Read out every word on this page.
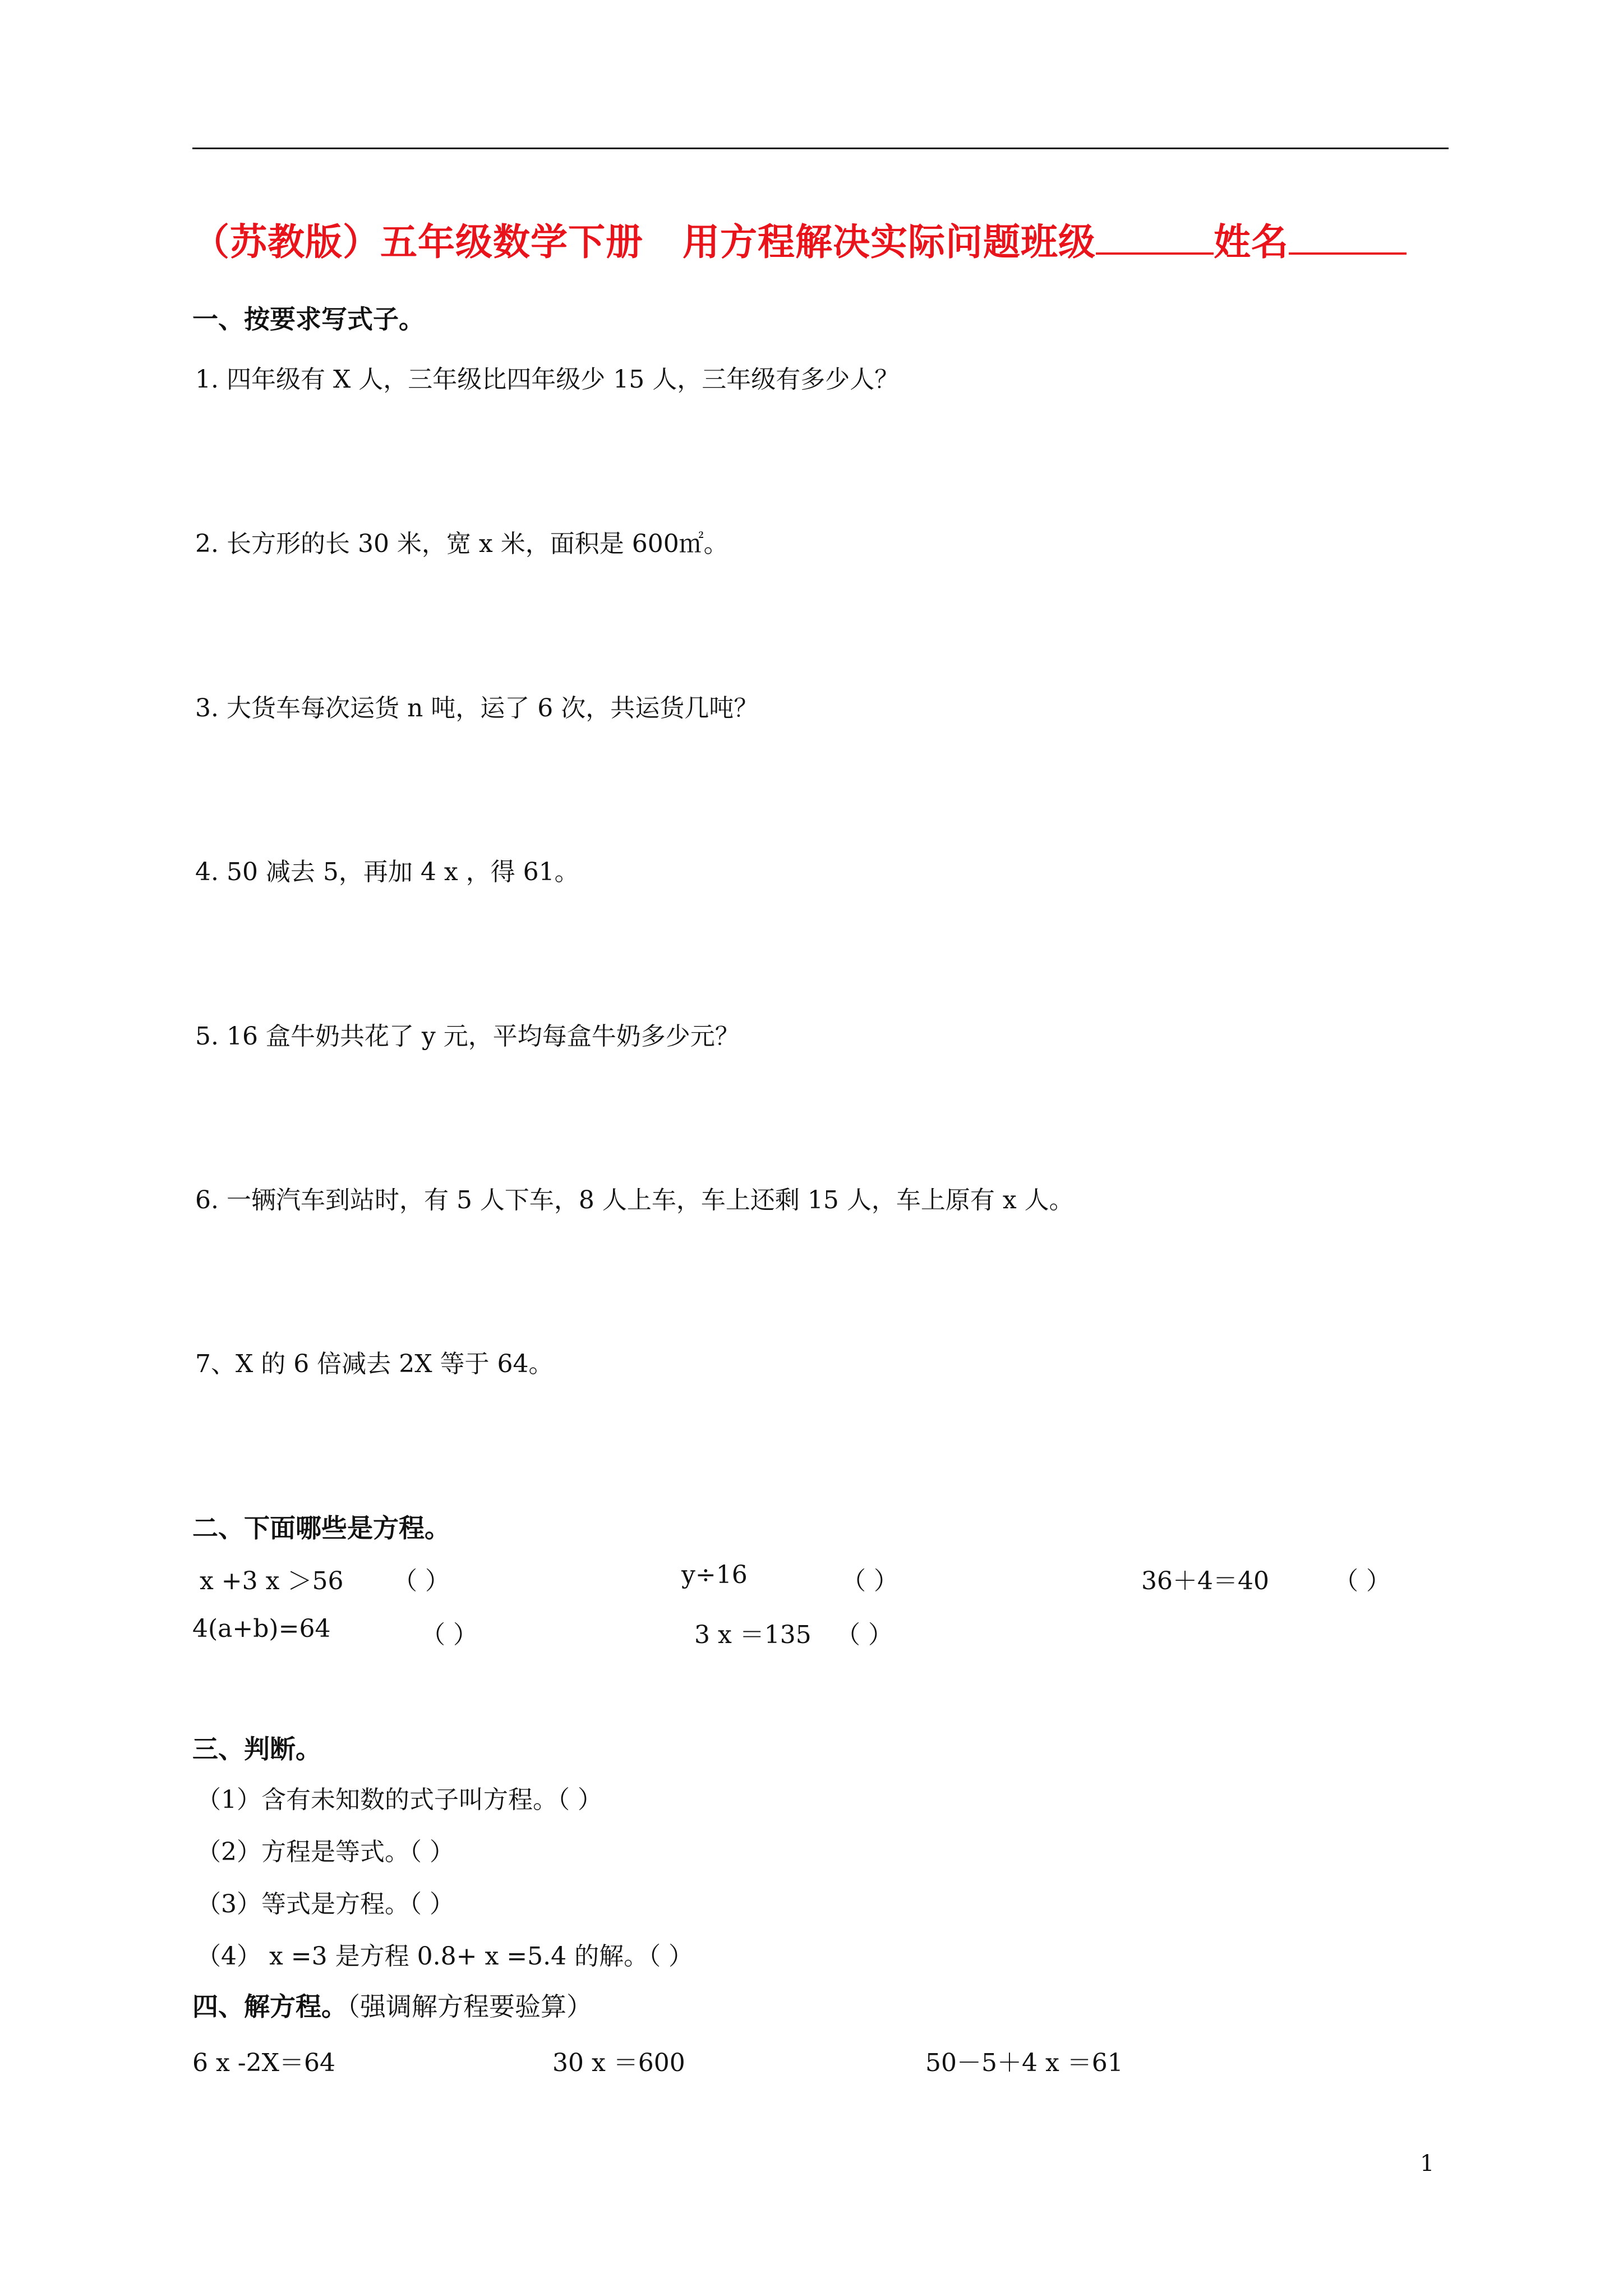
（苏教版）五年级数学下册 用方程解决实际问题班级	姓名
一、按要求写式子。
1. 四年级有 X 人，三年级比四年级少 15 人，三年级有多少人？
2. 长方形的长 30 米，宽 x 米，面积是 600㎡。
3. 大货车每次运货 n 吨，运了 6 次，共运货几吨？
4. 50 减去 5，再加 4 x ，得 61。
5. 16 盒牛奶共花了 y 元，平均每盒牛奶多少元？
6. 一辆汽车到站时，有 5 人下车，8 人上车，车上还剩 15 人，车上原有 x 人。
7、X 的 6 倍减去 2X 等于 64。
二、下面哪些是方程。
x +3 x ＞56 （ ）	y÷16	（ ）	36＋4＝40	（ ）
4(a+b)=64	（ ）	3 x ＝135 （ ）
三、判断。
（1）含有未知数的式子叫方程。（ ）
（2）方程是等式。（ ）
（3）等式是方程。（ ）
（4） x =3 是方程 0.8+ x =5.4 的解。（ ）
四、解方程。（强调解方程要验算）
6 x -2X＝64	30 x ＝600	50－5＋4 x ＝61
1
